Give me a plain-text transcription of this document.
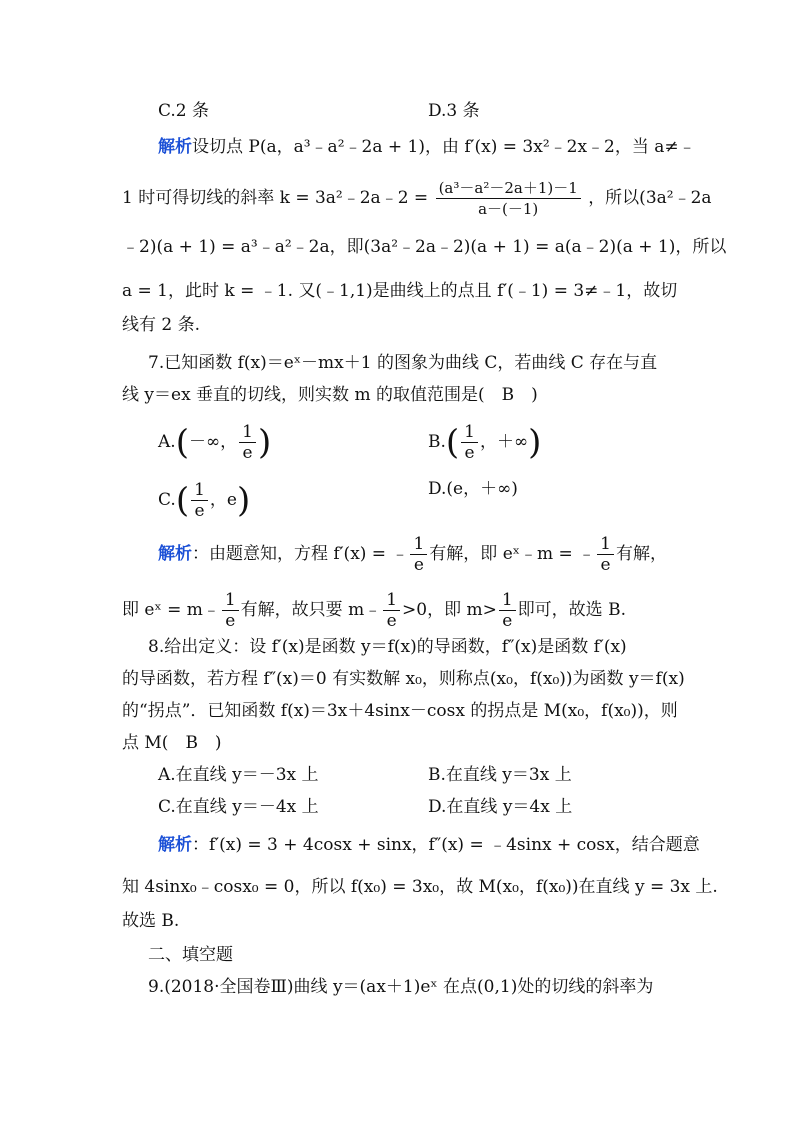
C.2 条	D.3 条
解析设切点 P(a，a³﹣a²﹣2a + 1)，由 f′(x) = 3x²﹣2x﹣2，当 a≠﹣
1 时可得切线的斜率 k = 3a²﹣2a﹣2 = $\frac{\text{(a³－a²－2a＋1)－1}}{a-(-1)}$ ，所以(3a²﹣2a
﹣2)(a + 1) = a³﹣a²﹣2a，即(3a²﹣2a﹣2)(a + 1) = a(a﹣2)(a + 1)，所以
a = 1，此时 k = ﹣1. 又(﹣1,1)是曲线上的点且 f′(﹣1) = 3≠﹣1，故切
线有 2 条.
7.已知函数 f(x)＝eˣ－mx＋1 的图象为曲线 C，若曲线 C 存在与直
线 y＝ex 垂直的切线，则实数 m 的取值范围是(　B　)
A.(－∞， $\frac{1}{e}$ )	$B.( \frac{1}{e}$ ，＋∞)
$C.( \frac{1}{e}$ ，e)	D.(e，＋∞)
解析：由题意知，方程 f′(x) = ﹣ $\frac{1}{e}$ 有解，即 eˣ﹣m = ﹣ $\frac{1}{e}$ 有解，
即 eˣ = m﹣ $\frac{1}{e}$ 有解，故只要 m﹣ $\frac{1}{e} >0$，即 $m> \frac{1}{e}$ 即可，故选 B.
8.给出定义：设 f′(x)是函数 y＝f(x)的导函数，f″(x)是函数 f′(x)
的导函数，若方程 f″(x)＝0 有实数解 x₀，则称点(x₀，f(x₀))为函数 y＝f(x)
的“拐点”．已知函数 f(x)＝3x＋4sinx－cosx 的拐点是 M(x₀，f(x₀))，则
点 M(　B　)
A.在直线 y＝－3x 上	B.在直线 y＝3x 上
C.在直线 y＝－4x 上	D.在直线 y＝4x 上
解析：f′(x) = 3 + 4cosx + sinx，f″(x) = ﹣4sinx + cosx，结合题意
知 4sinx₀﹣cosx₀ = 0，所以 f(x₀) = 3x₀，故 M(x₀，f(x₀))在直线 y = 3x 上.
故选 B.
二、填空题
9.(2018·全国卷Ⅲ)曲线 y＝(ax＋1)eˣ 在点(0,1)处的切线的斜率为
